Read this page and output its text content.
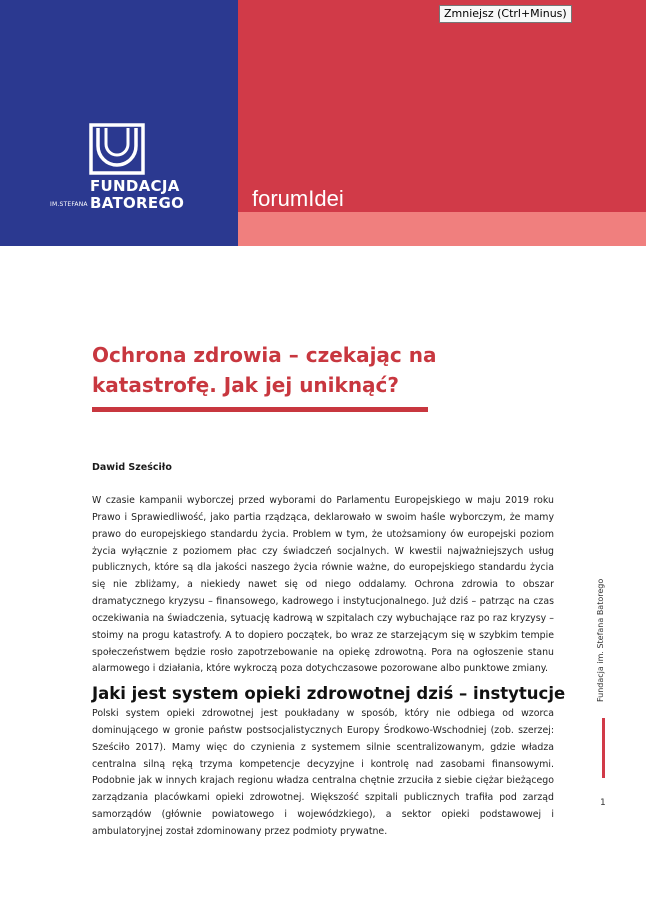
FUNDACJA
IM.STEFANA BATOREGO	forumIdei
Zmniejsz (Ctrl+Minus)
Ochrona zdrowia – czekając na katastrofę. Jak jej uniknąć?
Dawid Sześciło

W czasie kampanii wyborczej przed wyborami do Parlamentu Europejskiego w maju 2019 roku Prawo i Sprawiedliwość, jako partia rządząca, deklarowało w swoim haśle wyborczym, że mamy prawo do europejskiego standardu życia. Problem w tym, że utożsamiony ów europejski poziom życia wyłącznie z poziomem płac czy świadczeń socjalnych. W kwestii najważniejszych usług publicznych, które są dla jakości naszego życia równie ważne, do europejskiego standardu życia się nie zbliżamy, a niekiedy nawet się od niego oddalamy. Ochrona zdrowia to obszar dramatycznego kryzysu – finansowego, kadrowego i instytucjonalnego. Już dziś – patrząc na czas oczekiwania na świadczenia, sytuację kadrową w szpitalach czy wybuchające raz po raz kryzysy – stoimy na progu katastrofy. A to dopiero początek, bo wraz ze starzejącym się w szybkim tempie społeczeństwem będzie rosło zapotrzebowanie na opiekę zdrowotną. Pora na ogłoszenie stanu alarmowego i działania, które wykroczą poza dotychczasowe pozorowane albo punktowe zmiany.

Jaki jest system opieki zdrowotnej dziś – instytucje

Polski system opieki zdrowotnej jest poukładany w sposób, który nie odbiega od wzorca dominującego w gronie państw postsocjalistycznych Europy Środkowo-Wschodniej (zob. szerzej: Sześciło 2017). Mamy więc do czynienia z systemem silnie scentralizowanym, gdzie władza centralna silną ręką trzyma kompetencje decyzyjne i kontrolę nad zasobami finansowymi. Podobnie jak w innych krajach regionu władza centralna chętnie zrzuciła z siebie ciężar bieżącego zarządzania placówkami opieki zdrowotnej. Większość szpitali publicznych trafiła pod zarząd samorządów (głównie powiatowego i wojewódzkiego), a sektor opieki podstawowej i ambulatoryjnej został zdominowany przez podmioty prywatne.

Fundacja im. Stefana Batorego
1
